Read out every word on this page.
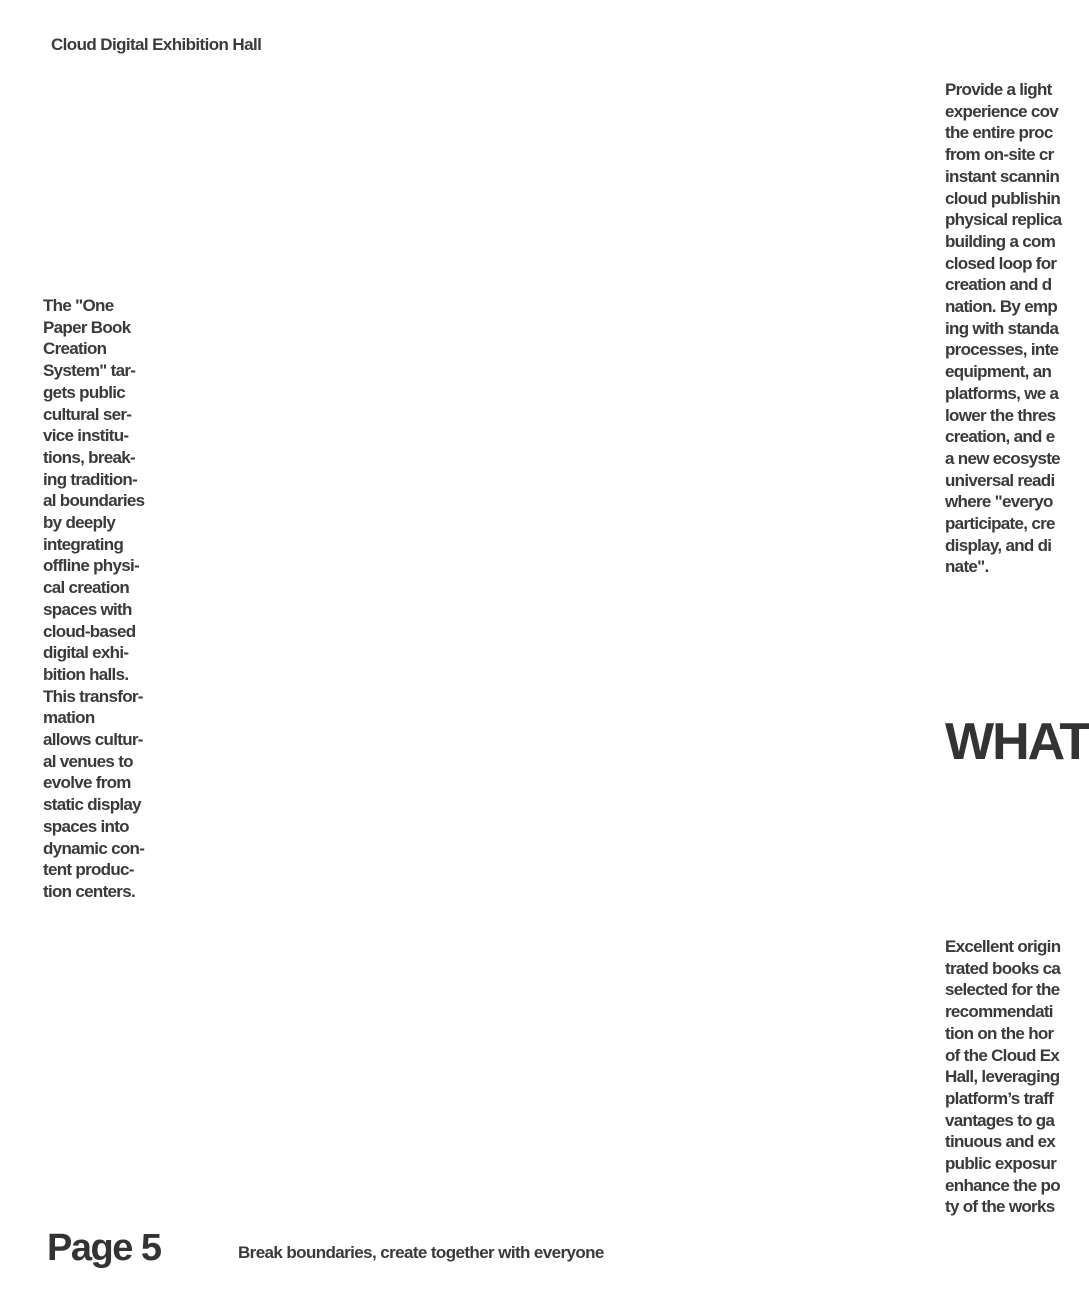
Cloud Digital Exhibition Hall
The "One
Paper Book
Creation
System" tar-
gets public
cultural ser-
vice institu-
tions, break-
ing tradition-
al boundaries
by deeply
integrating
offline physi-
cal creation
spaces with
cloud-based
digital exhi-
bition halls.
This transfor-
mation
allows cultur-
al venues to
evolve from
static display
spaces into
dynamic con-
tent produc-
tion centers.
Provide a light
experience cov
the entire proc
from on-site cr
instant scannin
cloud publishin
physical replica
building a com
closed loop for
creation and d
nation. By emp
ing with standa
processes, inte
equipment, an
platforms, we a
lower the thres
creation, and e
a new ecosyste
universal readi
where "everyo
participate, cre
display, and di
nate".
WHAT
Excellent origin
trated books ca
selected for the
recommendati
tion on the hor
of the Cloud Ex
Hall, leveraging
platform’s traff
vantages to ga
tinuous and ex
public exposur
enhance the po
ty of the works
Page 5	Break boundaries, create together with everyone
